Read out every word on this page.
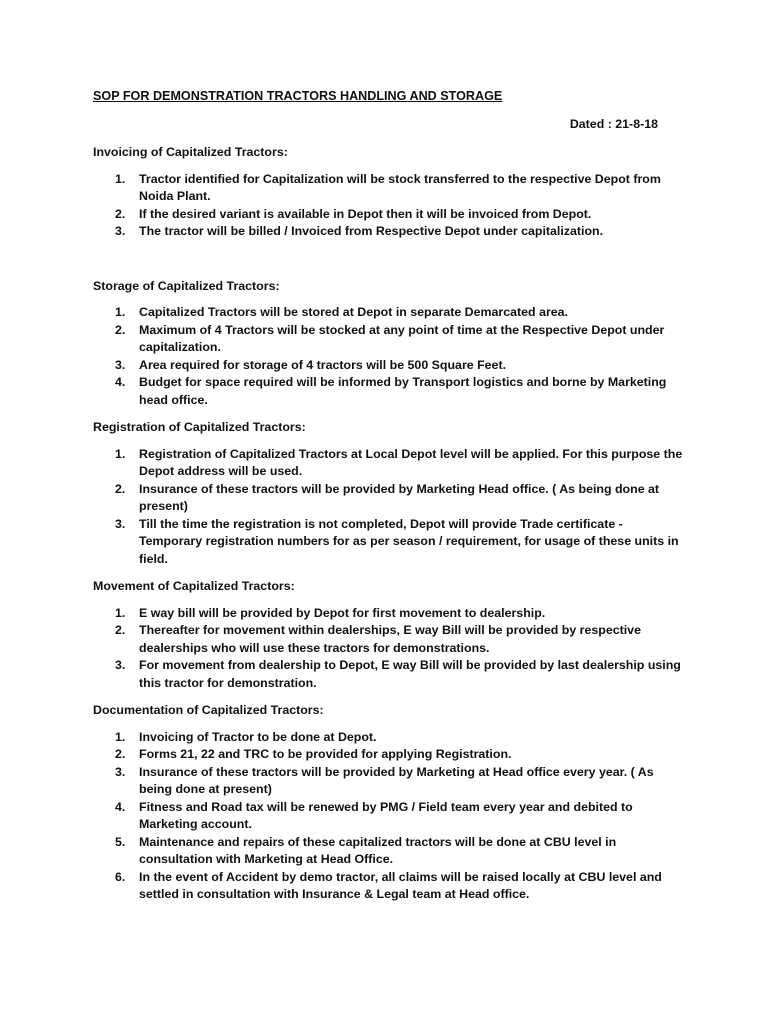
SOP FOR DEMONSTRATION TRACTORS HANDLING AND STORAGE
Dated : 21-8-18
Invoicing of Capitalized Tractors:
1. Tractor identified for Capitalization will be stock transferred to the respective Depot from Noida Plant.
2. If the desired variant is available in Depot then it will be invoiced from Depot.
3. The tractor will be billed / Invoiced from Respective Depot under capitalization.
Storage of Capitalized Tractors:
1. Capitalized Tractors will be stored at Depot in separate Demarcated area.
2. Maximum of 4 Tractors will be stocked at any point of time at the Respective Depot under capitalization.
3. Area required for storage of 4 tractors will be 500 Square Feet.
4. Budget for space required will be informed by Transport logistics and borne by Marketing head office.
Registration of Capitalized Tractors:
1. Registration of Capitalized Tractors at Local Depot level will be applied. For this purpose the Depot address will be used.
2. Insurance of these tractors will be provided by Marketing Head office. ( As being done at present)
3. Till the time the registration is not completed, Depot will provide Trade certificate - Temporary registration numbers for as per season / requirement, for usage of these units in field.
Movement of Capitalized Tractors:
1. E way bill will be provided by Depot for first movement to dealership.
2. Thereafter for movement within dealerships, E way Bill will be provided by respective dealerships who will use these tractors for demonstrations.
3. For movement from dealership to Depot, E way Bill will be provided by last dealership using this tractor for demonstration.
Documentation of Capitalized Tractors:
1. Invoicing of Tractor to be done at Depot.
2. Forms 21, 22 and TRC to be provided for applying Registration.
3. Insurance of these tractors will be provided by Marketing at Head office every year. ( As being done at present)
4. Fitness and Road tax will be renewed by PMG / Field team every year and debited to Marketing account.
5. Maintenance and repairs of these capitalized tractors will be done at CBU level in consultation with Marketing at Head Office.
6. In the event of Accident by demo tractor, all claims will be raised locally at CBU level and settled in consultation with Insurance & Legal team at Head office.
